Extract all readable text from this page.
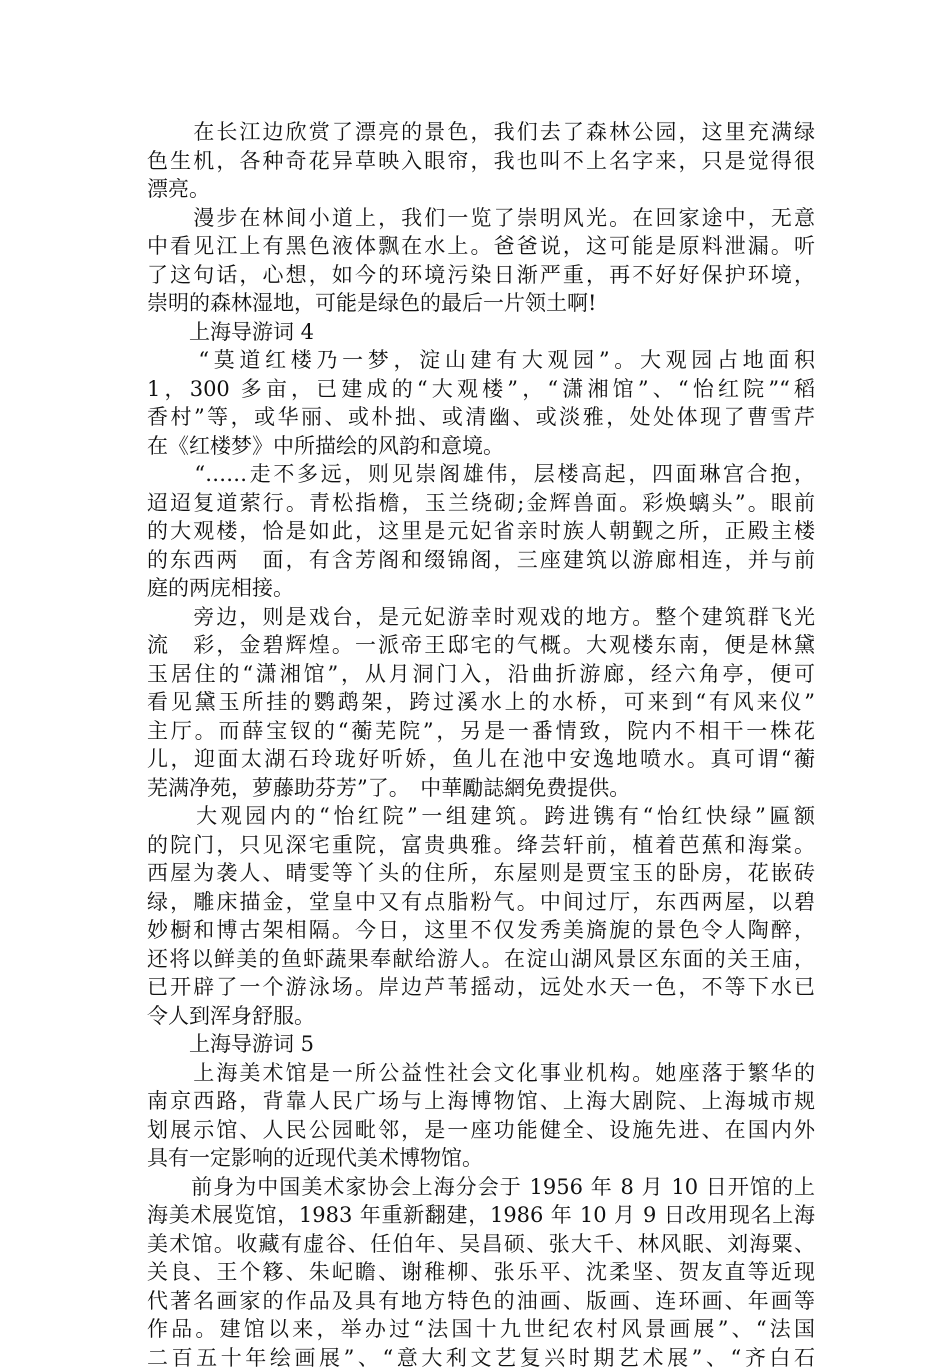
　　在长江边欣赏了漂亮的景色，我们去了森林公园，这里充满绿
色生机，各种奇花异草映入眼帘，我也叫不上名字来，只是觉得很
漂亮。
　　漫步在林间小道上，我们一览了崇明风光。在回家途中，无意
中看见江上有黑色液体飘在水上。爸爸说，这可能是原料泄漏。听
了这句话，心想，如今的环境污染日渐严重，再不好好保护环境，
崇明的森林湿地，可能是绿色的最后一片领土啊!
　　上海导游词 4
　　“莫道红楼乃一梦，淀山建有大观园”。大观园占地面积
1，300 多亩，已建成的“大观楼”，“潇湘馆”、“怡红院”“稻
香村”等，或华丽、或朴拙、或清幽、或淡雅，处处体现了曹雪芹
在《红楼梦》中所描绘的风韵和意境。
　　“……走不多远，则见崇阁雄伟，层楼高起，四面琳宫合抱，
迢迢复道萦行。青松指檐，玉兰绕砌;金辉兽面。彩焕螭头”。眼前
的大观楼，恰是如此，这里是元妃省亲时族人朝觐之所，正殿主楼
的东西两　面，有含芳阁和缀锦阁，三座建筑以游廊相连，并与前
庭的两庑相接。
　　旁边，则是戏台，是元妃游幸时观戏的地方。整个建筑群飞光
流　彩，金碧辉煌。一派帝王邸宅的气概。大观楼东南，便是林黛
玉居住的“潇湘馆”，从月洞门入，沿曲折游廊，经六角亭，便可
看见黛玉所挂的鹦鹉架，跨过溪水上的水桥，可来到“有风来仪”
主厅。而薛宝钗的“蘅芜院”，另是一番情致，院内不相干一株花
儿，迎面太湖石玲珑好听娇，鱼儿在池中安逸地喷水。真可谓“蘅
芜满净苑，萝藤助芬芳”了。　中華勵誌網免费提供。
　　大观园内的“怡红院”一组建筑。跨进镌有“怡红快绿”匾额
的院门，只见深宅重院，富贵典雅。绛芸轩前，植着芭蕉和海棠。
西屋为袭人、晴雯等丫头的住所，东屋则是贾宝玉的卧房，花嵌砖
绿，雕床描金，堂皇中又有点脂粉气。中间过厅，东西两屋，以碧
妙橱和博古架相隔。今日，这里不仅发秀美旖旎的景色令人陶醉，
还将以鲜美的鱼虾蔬果奉献给游人。在淀山湖风景区东面的关王庙，
已开辟了一个游泳场。岸边芦苇摇动，远处水天一色，不等下水已
令人到浑身舒服。
　　上海导游词 5
　　上海美术馆是一所公益性社会文化事业机构。她座落于繁华的
南京西路，背靠人民广场与上海博物馆、上海大剧院、上海城市规
划展示馆、人民公园毗邻，是一座功能健全、设施先进、在国内外
具有一定影响的近现代美术博物馆。
　　前身为中国美术家协会上海分会于 1956 年 8 月 10 日开馆的上
海美术展览馆，1983 年重新翻建，1986 年 10 月 9 日改用现名上海
美术馆。收藏有虚谷、任伯年、吴昌硕、张大千、林风眠、刘海粟、
关良、王个簃、朱屺瞻、谢稚柳、张乐平、沈柔坚、贺友直等近现
代著名画家的作品及具有地方特色的油画、版画、连环画、年画等
作品。建馆以来，举办过“法国十九世纪农村风景画展”、“法国
二百五十年绘画展”、“意大利文艺复兴时期艺术展”、“齐白石
